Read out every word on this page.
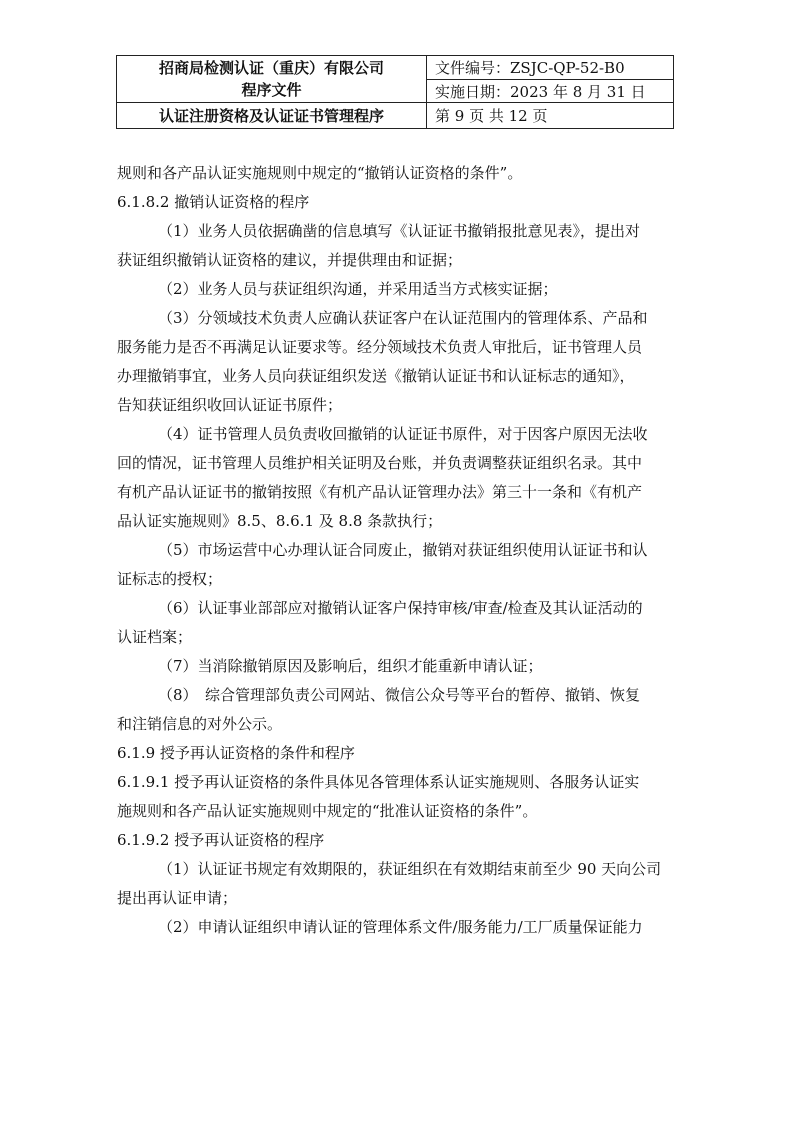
招商局检测认证（重庆）有限公司
程序文件
文件编号：ZSJC-QP-52-B0
实施日期：2023 年 8 月 31 日
认证注册资格及认证证书管理程序	第 9 页 共 12 页

规则和各产品认证实施规则中规定的“撤销认证资格的条件”。

6.1.8.2 撤销认证资格的程序

（1）业务人员依据确凿的信息填写《认证证书撤销报批意见表》，提出对

获证组织撤销认证资格的建议，并提供理由和证据；

（2）业务人员与获证组织沟通，并采用适当方式核实证据；

（3）分领域技术负责人应确认获证客户在认证范围内的管理体系、产品和

服务能力是否不再满足认证要求等。经分领域技术负责人审批后，证书管理人员

办理撤销事宜，业务人员向获证组织发送《撤销认证证书和认证标志的通知》，

告知获证组织收回认证证书原件；

（4）证书管理人员负责收回撤销的认证证书原件，对于因客户原因无法收

回的情况，证书管理人员维护相关证明及台账，并负责调整获证组织名录。其中

有机产品认证证书的撤销按照《有机产品认证管理办法》第三十一条和《有机产

品认证实施规则》8.5、8.6.1 及 8.8 条款执行；

（5）市场运营中心办理认证合同废止，撤销对获证组织使用认证证书和认

证标志的授权；

（6）认证事业部部应对撤销认证客户保持审核/审查/检查及其认证活动的

认证档案；

（7）当消除撤销原因及影响后，组织才能重新申请认证；

（8）　综合管理部负责公司网站、微信公众号等平台的暂停、撤销、恢复

和注销信息的对外公示。

6.1.9 授予再认证资格的条件和程序

6.1.9.1 授予再认证资格的条件具体见各管理体系认证实施规则、各服务认证实

施规则和各产品认证实施规则中规定的“批准认证资格的条件”。

6.1.9.2 授予再认证资格的程序

（1）认证证书规定有效期限的，获证组织在有效期结束前至少 90 天向公司

提出再认证申请；

（2）申请认证组织申请认证的管理体系文件/服务能力/工厂质量保证能力
